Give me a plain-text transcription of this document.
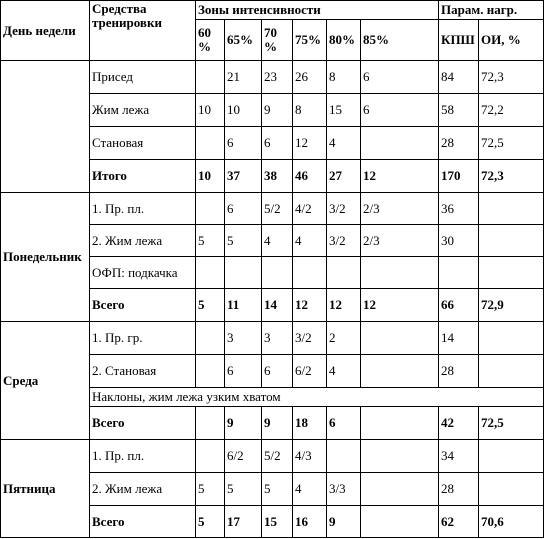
День недели	Средства тренировки	Зоны интенсивности						Парам. нагр.	
		60 %	65%	70 %	75%	80%	85%	КПШ	ОИ, %
	Присед		21	23	26	8	6	84	72,3
	Жим лежа	10	10	9	8	15	6	58	72,2
	Становая		6	6	12	4		28	72,5
	Итого	10	37	38	46	27	12	170	72,3
Понедельник	1. Пр. пл.		6	5/2	4/2	3/2	2/3	36	
	2. Жим лежа	5	5	4	4	3/2	2/3	30	
	ОФП: подкачка								
	Всего	5	11	14	12	12	12	66	72,9
Среда	1. Пр. гр.		3	3	3/2	2		14	
	2. Становая		6	6	6/2	4		28	
	Наклоны, жим лежа узким хватом								
	Всего		9	9	18	6		42	72,5
Пятница	1. Пр. пл.		6/2	5/2	4/3			34	
	2. Жим лежа	5	5	5	4	3/3		28	
	Всего	5	17	15	16	9		62	70,6
